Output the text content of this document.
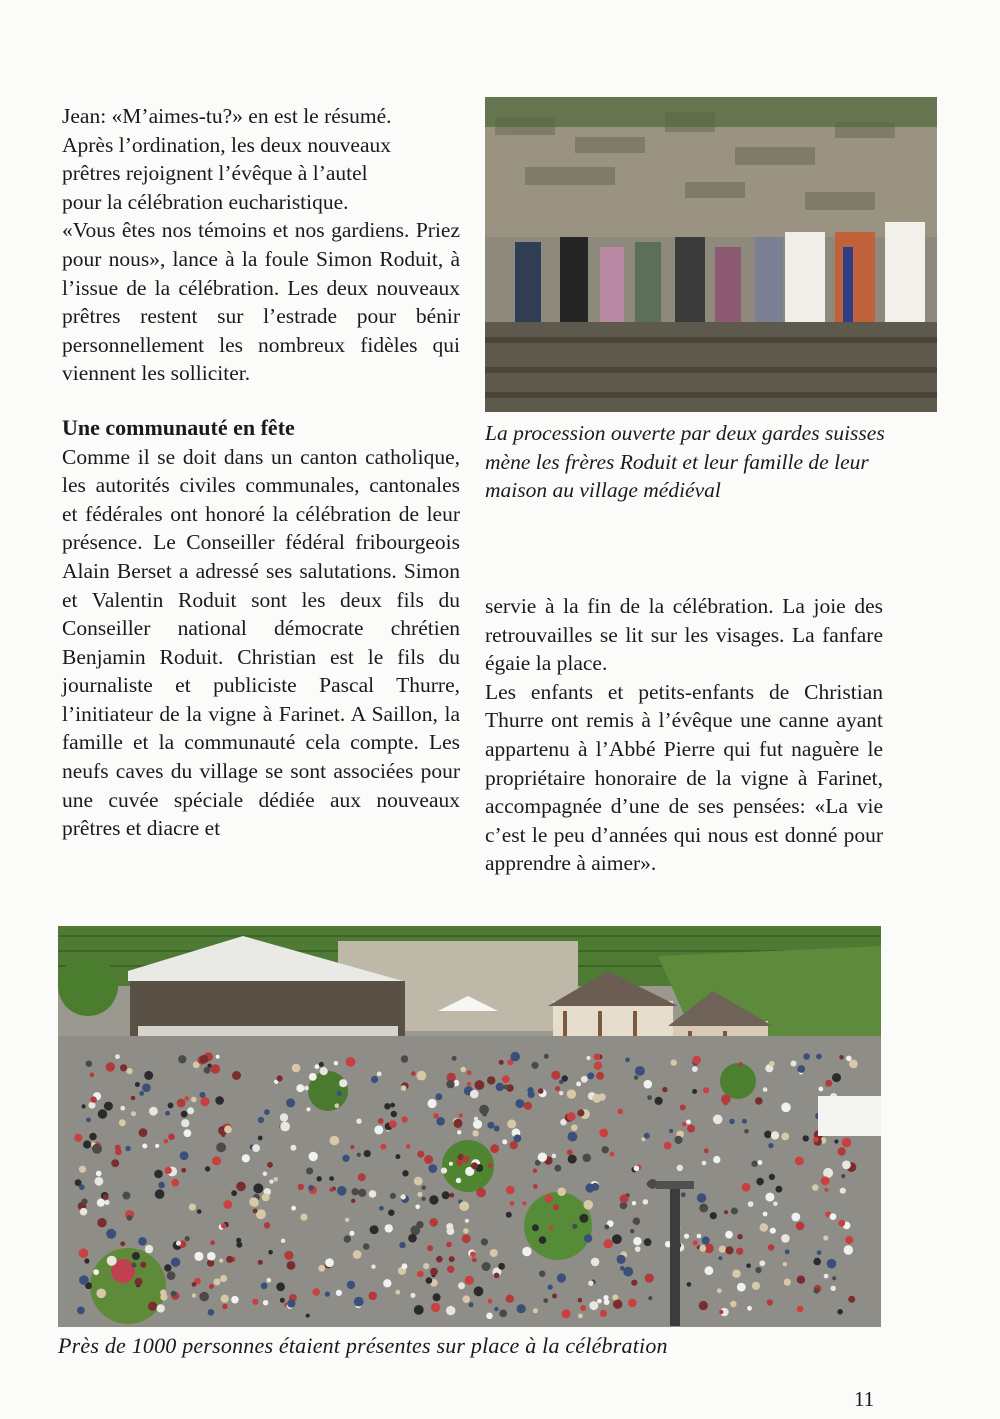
Jean: «M’aimes-tu?» en est le résumé.
Après l’ordination, les deux nouveaux
prêtres rejoignent l’évêque à l’autel
pour la célébration eucharistique.

«Vous êtes nos témoins et nos gardiens. Priez pour nous», lance à la foule Simon Roduit, à l’issue de la célébration. Les deux nouveaux prêtres restent sur l’estrade pour bénir personnellement les nombreux fidèles qui viennent les solliciter.

Une communauté en fête

Comme il se doit dans un canton catholique, les autorités civiles communales, cantonales et fédérales ont honoré la célébration de leur présence. Le Conseiller fédéral fribourgeois Alain Berset a adressé ses salutations. Simon et Valentin Roduit sont les deux fils du Conseiller national démocrate chrétien Benjamin Roduit. Christian est le fils du journaliste et publiciste Pascal Thurre, l’initiateur de la vigne à Farinet. A Saillon, la famille et la communauté cela compte. Les neufs caves du village se sont associées pour une cuvée spéciale dédiée aux nouveaux prêtres et diacre et

La procession ouverte par deux gardes suisses mène les frères Roduit et leur famille de leur maison au village médiéval

servie à la fin de la célébration. La joie des retrouvailles se lit sur les visages. La fanfare égaie la place.

Les enfants et petits-enfants de Christian Thurre ont remis à l’évêque une canne ayant appartenu à l’Abbé Pierre qui fut naguère le propriétaire honoraire de la vigne à Farinet, accompagnée d’une de ses pensées: «La vie c’est le peu d’années qui nous est donné pour apprendre à aimer».

Près de 1000 personnes étaient présentes sur place à la célébration
11
